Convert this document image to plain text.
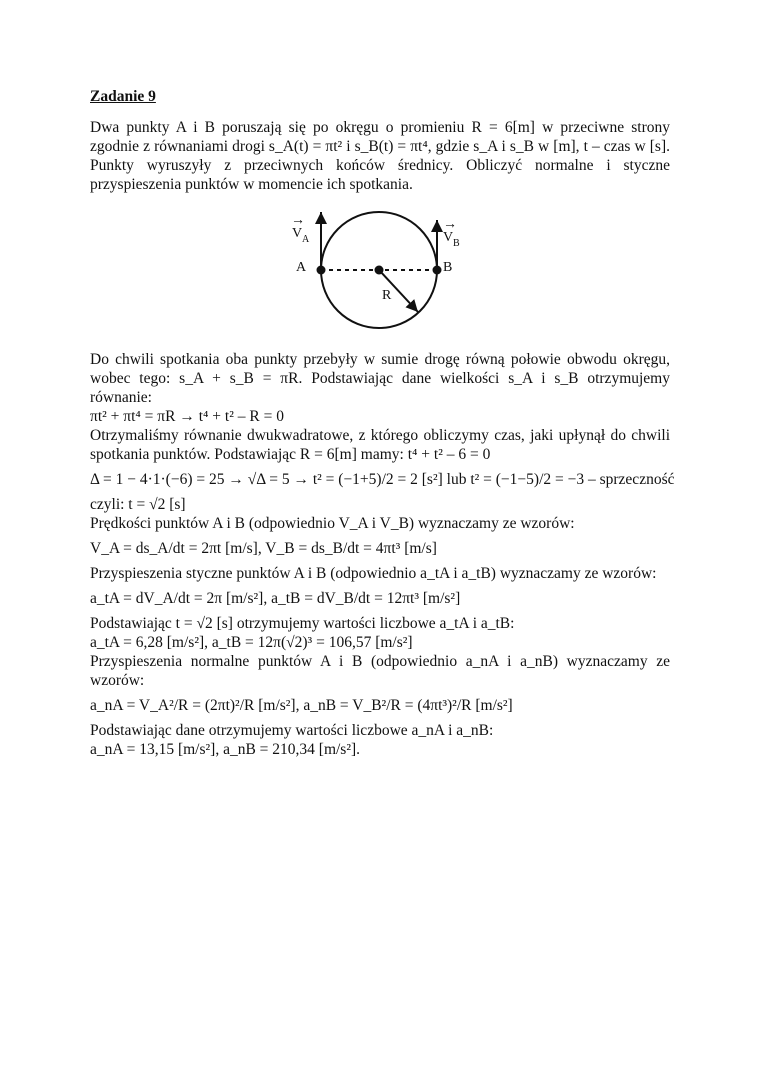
Zadanie 9

Dwa punkty A i B poruszają się po okręgu o promieniu R = 6[m] w przeciwne strony zgodnie z równaniami drogi s_A(t) = πt² i s_B(t) = πt⁴, gdzie s_A i s_B w [m], t – czas w [s]. Punkty wyruszyły z przeciwnych końców średnicy. Obliczyć normalne i styczne przyspieszenia punktów w momencie ich spotkania.

→
V A
A
→
V B
B
R

Do chwili spotkania oba punkty przebyły w sumie drogę równą połowie obwodu okręgu, wobec tego: s_A + s_B = πR. Podstawiając dane wielkości s_A i s_B otrzymujemy równanie:

πt² + πt⁴ = πR → t⁴ + t² – R = 0

Otrzymaliśmy równanie dwukwadratowe, z którego obliczymy czas, jaki upłynął do chwili spotkania punktów. Podstawiając R = 6[m] mamy: t⁴ + t² – 6 = 0

Δ = 1 − 4·1·(−6) = 25 → √Δ = 5 → t² = (−1+5)/2 = 2 [s²] lub t² = (−1−5)/2 = −3 – sprzeczność

czyli: t = √2 [s]

Prędkości punktów A i B (odpowiednio V_A i V_B) wyznaczamy ze wzorów:

V_A = ds_A/dt = 2πt [m/s], V_B = ds_B/dt = 4πt³ [m/s]

Przyspieszenia styczne punktów A i B (odpowiednio a_tA i a_tB) wyznaczamy ze wzorów:

a_tA = dV_A/dt = 2π [m/s²], a_tB = dV_B/dt = 12πt³ [m/s²]

Podstawiając t = √2 [s] otrzymujemy wartości liczbowe a_tA i a_tB:

a_tA = 6,28 [m/s²], a_tB = 12π(√2)³ = 106,57 [m/s²]

Przyspieszenia normalne punktów A i B (odpowiednio a_nA i a_nB) wyznaczamy ze wzorów:

a_nA = V_A²/R = (2πt)²/R [m/s²], a_nB = V_B²/R = (4πt³)²/R [m/s²]

Podstawiając dane otrzymujemy wartości liczbowe a_nA i a_nB:

a_nA = 13,15 [m/s²], a_nB = 210,34 [m/s²].
